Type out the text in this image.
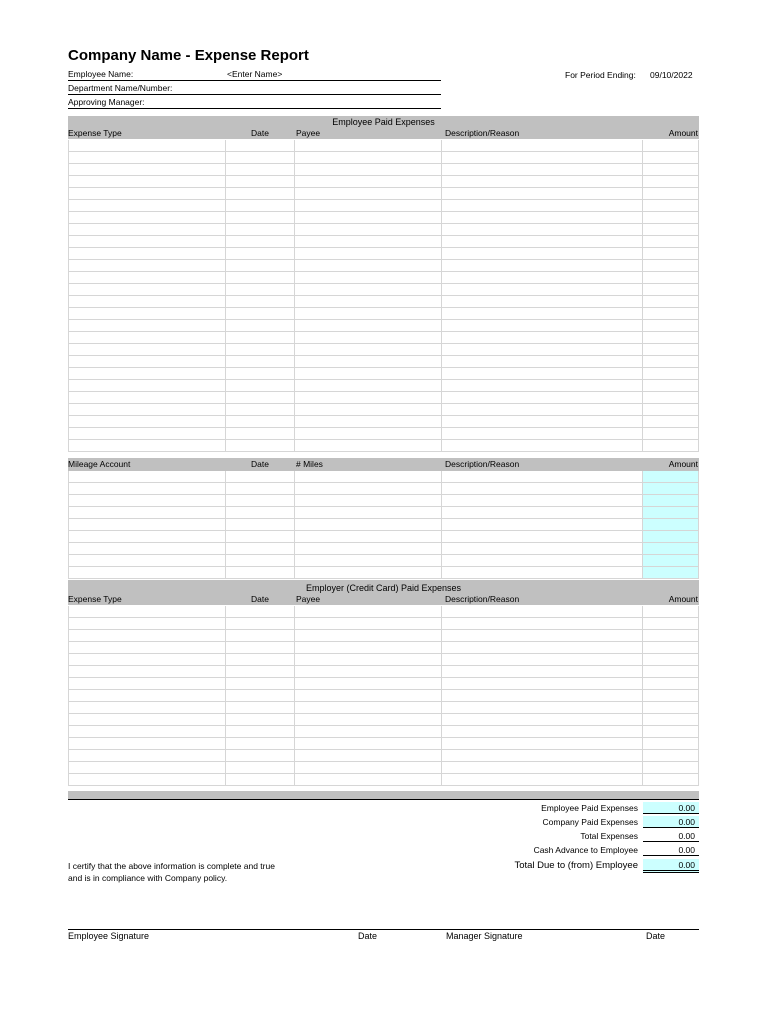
Company Name - Expense Report
Employee Name:	<Enter Name>
Department Name/Number:
Approving Manager:
For Period Ending: 09/10/2022
Employee Paid Expenses
Expense Type	Date	Payee	Description/Reason	Amount
Mileage Account	Date	# Miles	Description/Reason	Amount
Employer (Credit Card) Paid Expenses
Expense Type	Date	Payee	Description/Reason	Amount
Employee Paid Expenses	0.00
Company Paid Expenses	0.00
Total Expenses	0.00
Cash Advance to Employee	0.00
Total Due to (from) Employee	0.00
I certify that the above information is complete and true
and is in compliance with Company policy.
Employee Signature	Date	Manager Signature	Date
